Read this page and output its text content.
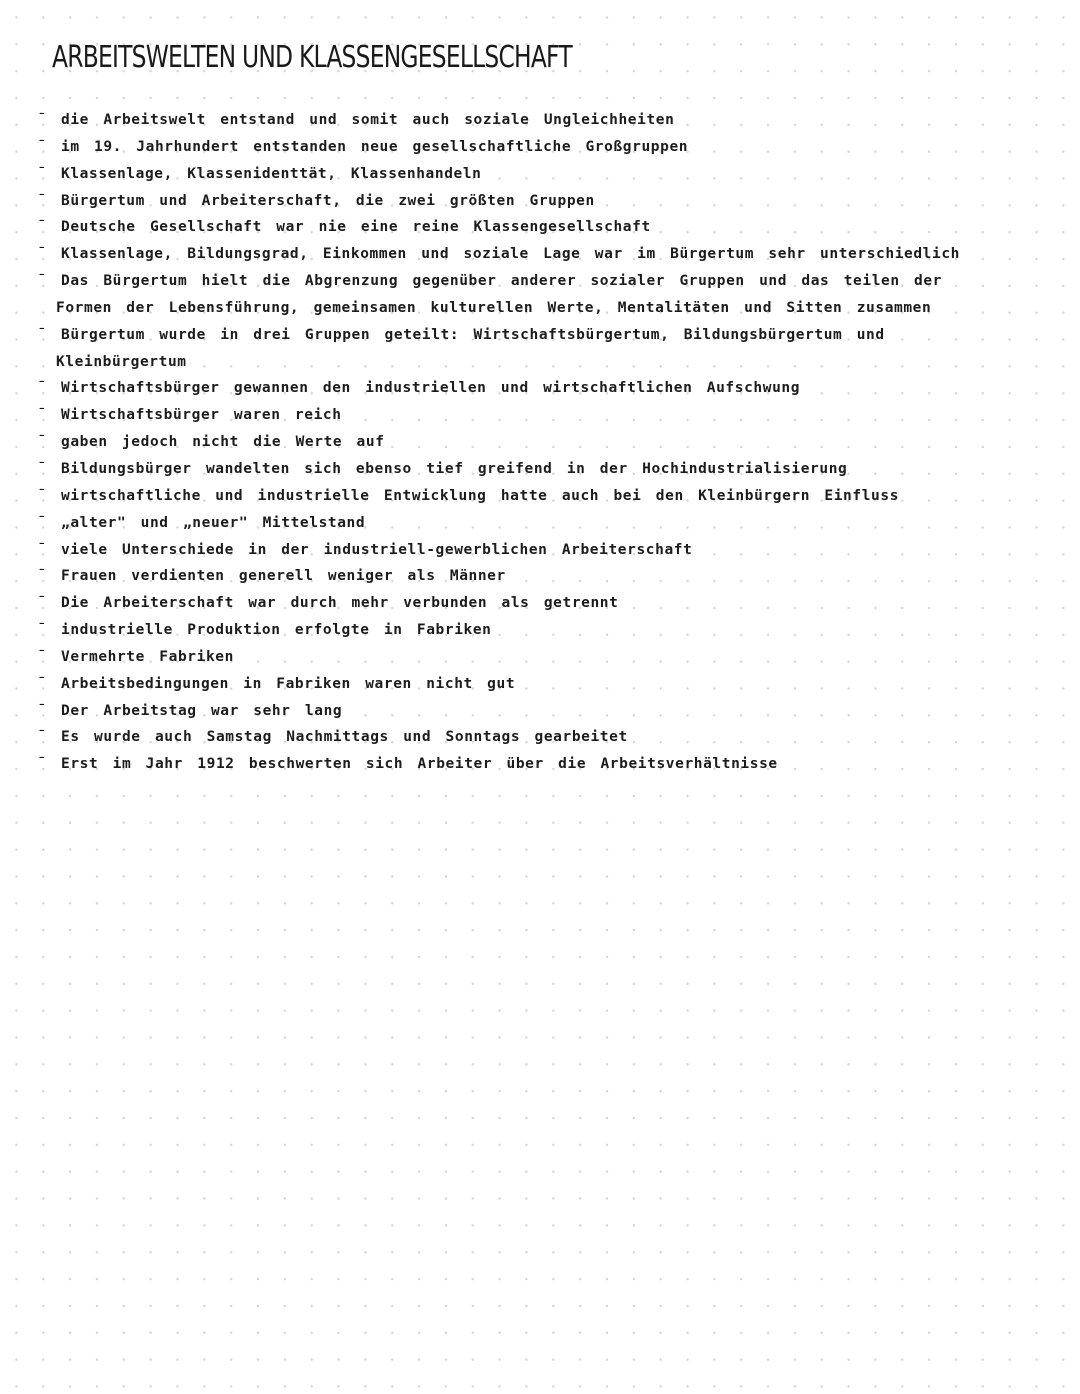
ARBEITSWELTEN UND KLASSENGESELLSCHAFT
ˉ die Arbeitswelt entstand und somit auch soziale Ungleichheiten
ˉ im 19. Jahrhundert entstanden neue gesellschaftliche Großgruppen
ˉ Klassenlage, Klassenidenttät, Klassenhandeln
ˉ Bürgertum und Arbeiterschaft, die zwei größten Gruppen
ˉ Deutsche Gesellschaft war nie eine reine Klassengesellschaft
ˉ Klassenlage, Bildungsgrad, Einkommen und soziale Lage war im Bürgertum sehr unterschiedlich
ˉ Das Bürgertum hielt die Abgrenzung gegenüber anderer sozialer Gruppen und das teilen der
Formen der Lebensführung, gemeinsamen kulturellen Werte, Mentalitäten und Sitten zusammen
ˉ Bürgertum wurde in drei Gruppen geteilt: Wirtschaftsbürgertum, Bildungsbürgertum und
Kleinbürgertum
ˉ Wirtschaftsbürger gewannen den industriellen und wirtschaftlichen Aufschwung
ˉ Wirtschaftsbürger waren reich
ˉ gaben jedoch nicht die Werte auf
ˉ Bildungsbürger wandelten sich ebenso tief greifend in der Hochindustrialisierung
ˉ wirtschaftliche und industrielle Entwicklung hatte auch bei den Kleinbürgern Einfluss
ˉ „alter" und „neuer" Mittelstand
ˉ viele Unterschiede in der industriell-gewerblichen Arbeiterschaft
ˉ Frauen verdienten generell weniger als Männer
ˉ Die Arbeiterschaft war durch mehr verbunden als getrennt
ˉ industrielle Produktion erfolgte in Fabriken
ˉ Vermehrte Fabriken
ˉ Arbeitsbedingungen in Fabriken waren nicht gut
ˉ Der Arbeitstag war sehr lang
ˉ Es wurde auch Samstag Nachmittags und Sonntags gearbeitet
ˉ Erst im Jahr 1912 beschwerten sich Arbeiter über die Arbeitsverhältnisse
